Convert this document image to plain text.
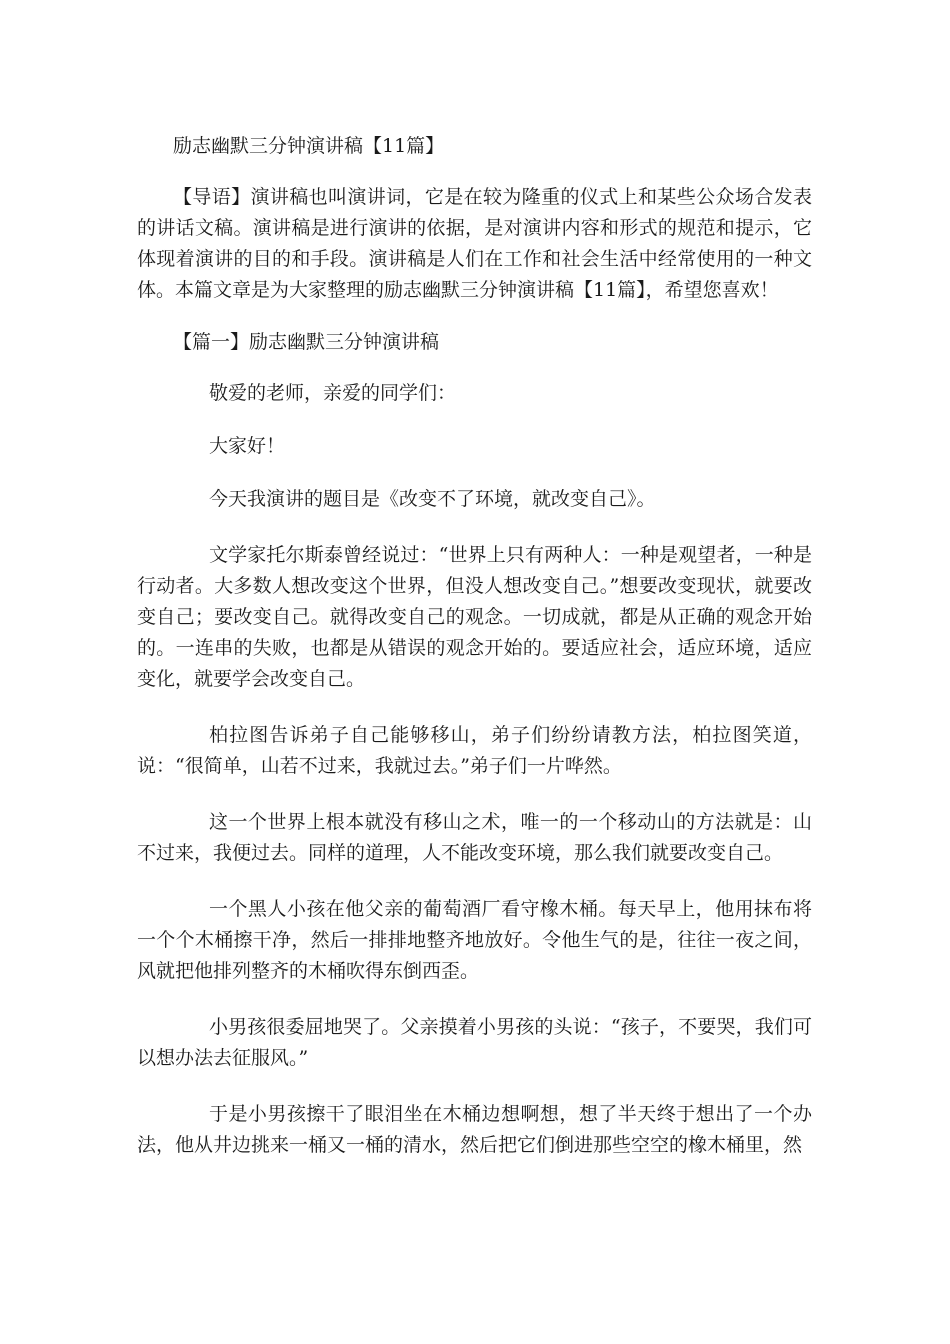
励志幽默三分钟演讲稿【11篇】

【导语】演讲稿也叫演讲词，它是在较为隆重的仪式上和某些公众场合发表的讲话文稿。演讲稿是进行演讲的依据，是对演讲内容和形式的规范和提示，它体现着演讲的目的和手段。演讲稿是人们在工作和社会生活中经常使用的一种文体。本篇文章是为大家整理的励志幽默三分钟演讲稿【11篇】，希望您喜欢！

【篇一】励志幽默三分钟演讲稿

敬爱的老师，亲爱的同学们：

大家好！

今天我演讲的题目是《改变不了环境，就改变自己》。

文学家托尔斯泰曾经说过：“世界上只有两种人：一种是观望者，一种是行动者。大多数人想改变这个世界，但没人想改变自己。”想要改变现状，就要改变自己；要改变自己。就得改变自己的观念。一切成就，都是从正确的观念开始的。一连串的失败，也都是从错误的观念开始的。要适应社会，适应环境，适应变化，就要学会改变自己。

柏拉图告诉弟子自己能够移山，弟子们纷纷请教方法，柏拉图笑道，说：“很简单，山若不过来，我就过去。”弟子们一片哗然。

这一个世界上根本就没有移山之术，唯一的一个移动山的方法就是：山不过来，我便过去。同样的道理，人不能改变环境，那么我们就要改变自己。

一个黑人小孩在他父亲的葡萄酒厂看守橡木桶。每天早上，他用抹布将一个个木桶擦干净，然后一排排地整齐地放好。令他生气的是，往往一夜之间，风就把他排列整齐的木桶吹得东倒西歪。

小男孩很委屈地哭了。父亲摸着小男孩的头说：“孩子，不要哭，我们可以想办法去征服风。”

于是小男孩擦干了眼泪坐在木桶边想啊想，想了半天终于想出了一个办法，他从井边挑来一桶又一桶的清水，然后把它们倒进那些空空的橡木桶里，然
